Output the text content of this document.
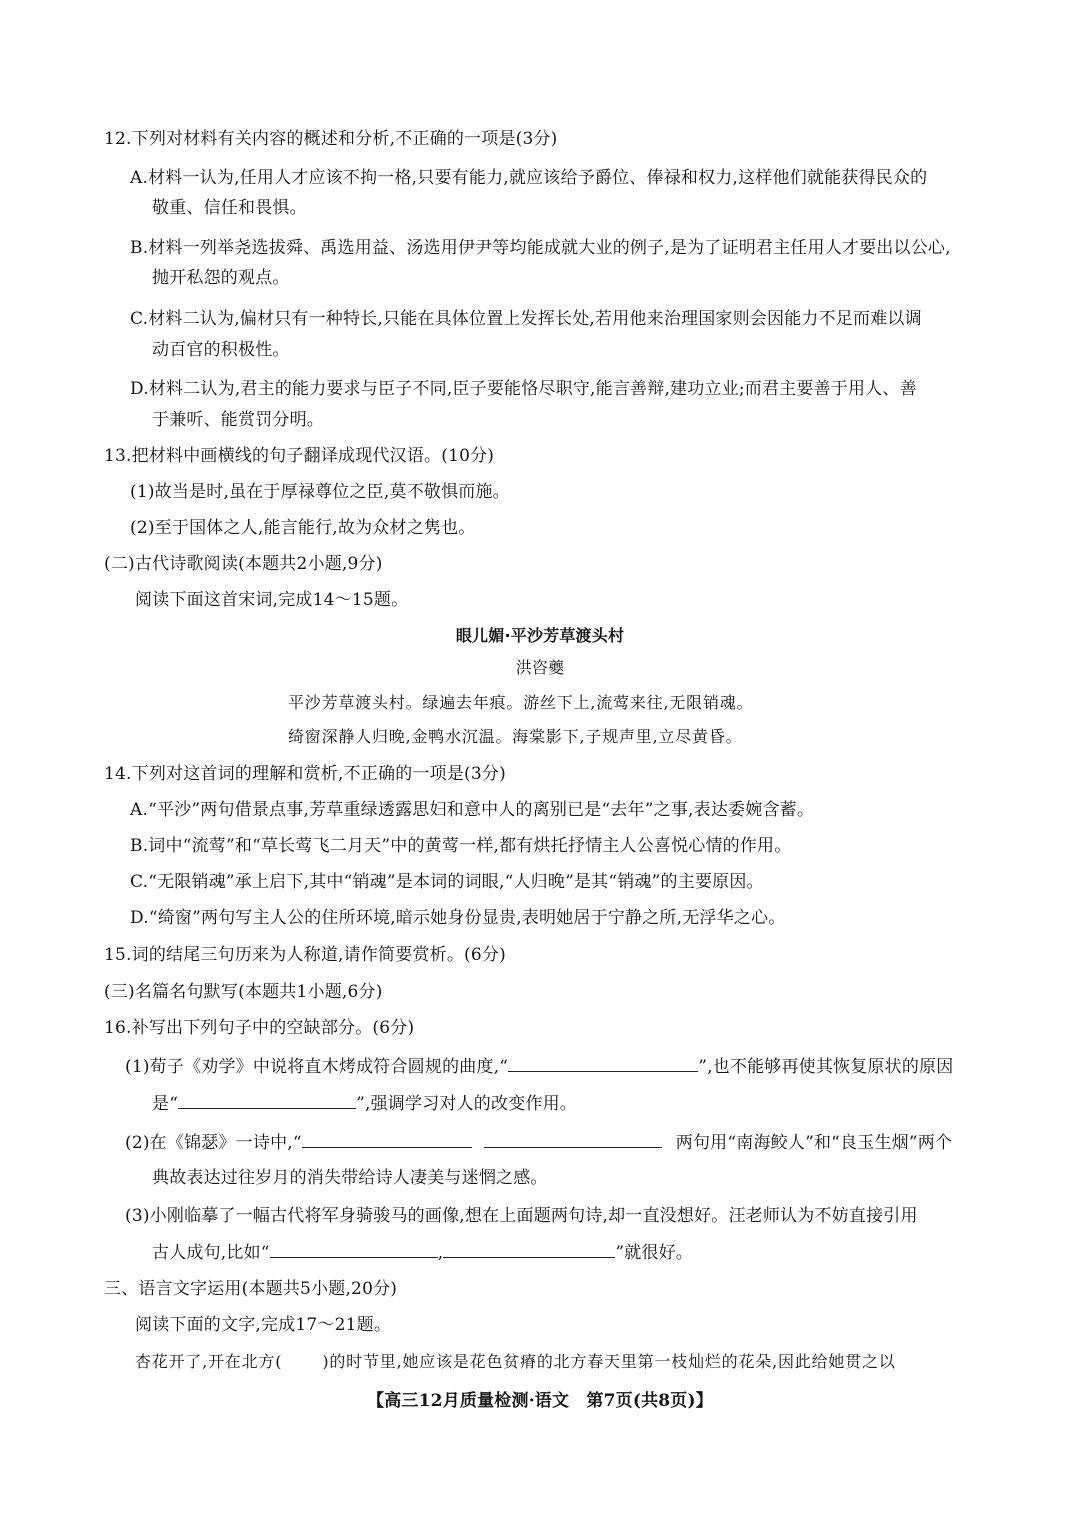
12.下列对材料有关内容的概述和分析,不正确的一项是(3分)
A.材料一认为,任用人才应该不拘一格,只要有能力,就应该给予爵位、俸禄和权力,这样他们就能获得民众的
敬重、信任和畏惧。
B.材料一列举尧选拔舜、禹选用益、汤选用伊尹等均能成就大业的例子,是为了证明君主任用人才要出以公心,
抛开私怨的观点。
C.材料二认为,偏材只有一种特长,只能在具体位置上发挥长处,若用他来治理国家则会因能力不足而难以调
动百官的积极性。
D.材料二认为,君主的能力要求与臣子不同,臣子要能恪尽职守,能言善辩,建功立业;而君主要善于用人、善
于兼听、能赏罚分明。
13.把材料中画横线的句子翻译成现代汉语。(10分)
(1)故当是时,虽在于厚禄尊位之臣,莫不敬惧而施。
(2)至于国体之人,能言能行,故为众材之隽也。
(二)古代诗歌阅读(本题共2小题,9分)
阅读下面这首宋词,完成14～15题。
眼儿媚·平沙芳草渡头村
洪咨夔
平沙芳草渡头村。绿遍去年痕。游丝下上,流莺来往,无限销魂。
绮窗深静人归晚,金鸭水沉温。海棠影下,子规声里,立尽黄昏。
14.下列对这首词的理解和赏析,不正确的一项是(3分)
A.“平沙”两句借景点事,芳草重绿透露思妇和意中人的离别已是“去年”之事,表达委婉含蓄。
B.词中“流莺”和“草长莺飞二月天”中的黄莺一样,都有烘托抒情主人公喜悦心情的作用。
C.“无限销魂”承上启下,其中“销魂”是本词的词眼,“人归晚”是其“销魂”的主要原因。
D.“绮窗”两句写主人公的住所环境,暗示她身份显贵,表明她居于宁静之所,无浮华之心。
15.词的结尾三句历来为人称道,请作简要赏析。(6分)
(三)名篇名句默写(本题共1小题,6分)
16.补写出下列句子中的空缺部分。(6分)
(1)荀子《劝学》中说将直木烤成符合圆规的曲度,“	”,也不能够再使其恢复原状的原因
是“	”,强调学习对人的改变作用。
(2)在《锦瑟》一诗中,“	两句用“南海鲛人”和“良玉生烟”两个
典故表达过往岁月的消失带给诗人凄美与迷惘之感。
(3)小刚临摹了一幅古代将军身骑骏马的画像,想在上面题两句诗,却一直没想好。汪老师认为不妨直接引用
古人成句,比如“	,	”就很好。
三、语言文字运用(本题共5小题,20分)
阅读下面的文字,完成17～21题。
杏花开了,开在北方(	)的时节里,她应该是花色贫瘠的北方春天里第一枝灿烂的花朵,因此给她贯之以
【高三12月质量检测·语文　第7页(共8页)】
